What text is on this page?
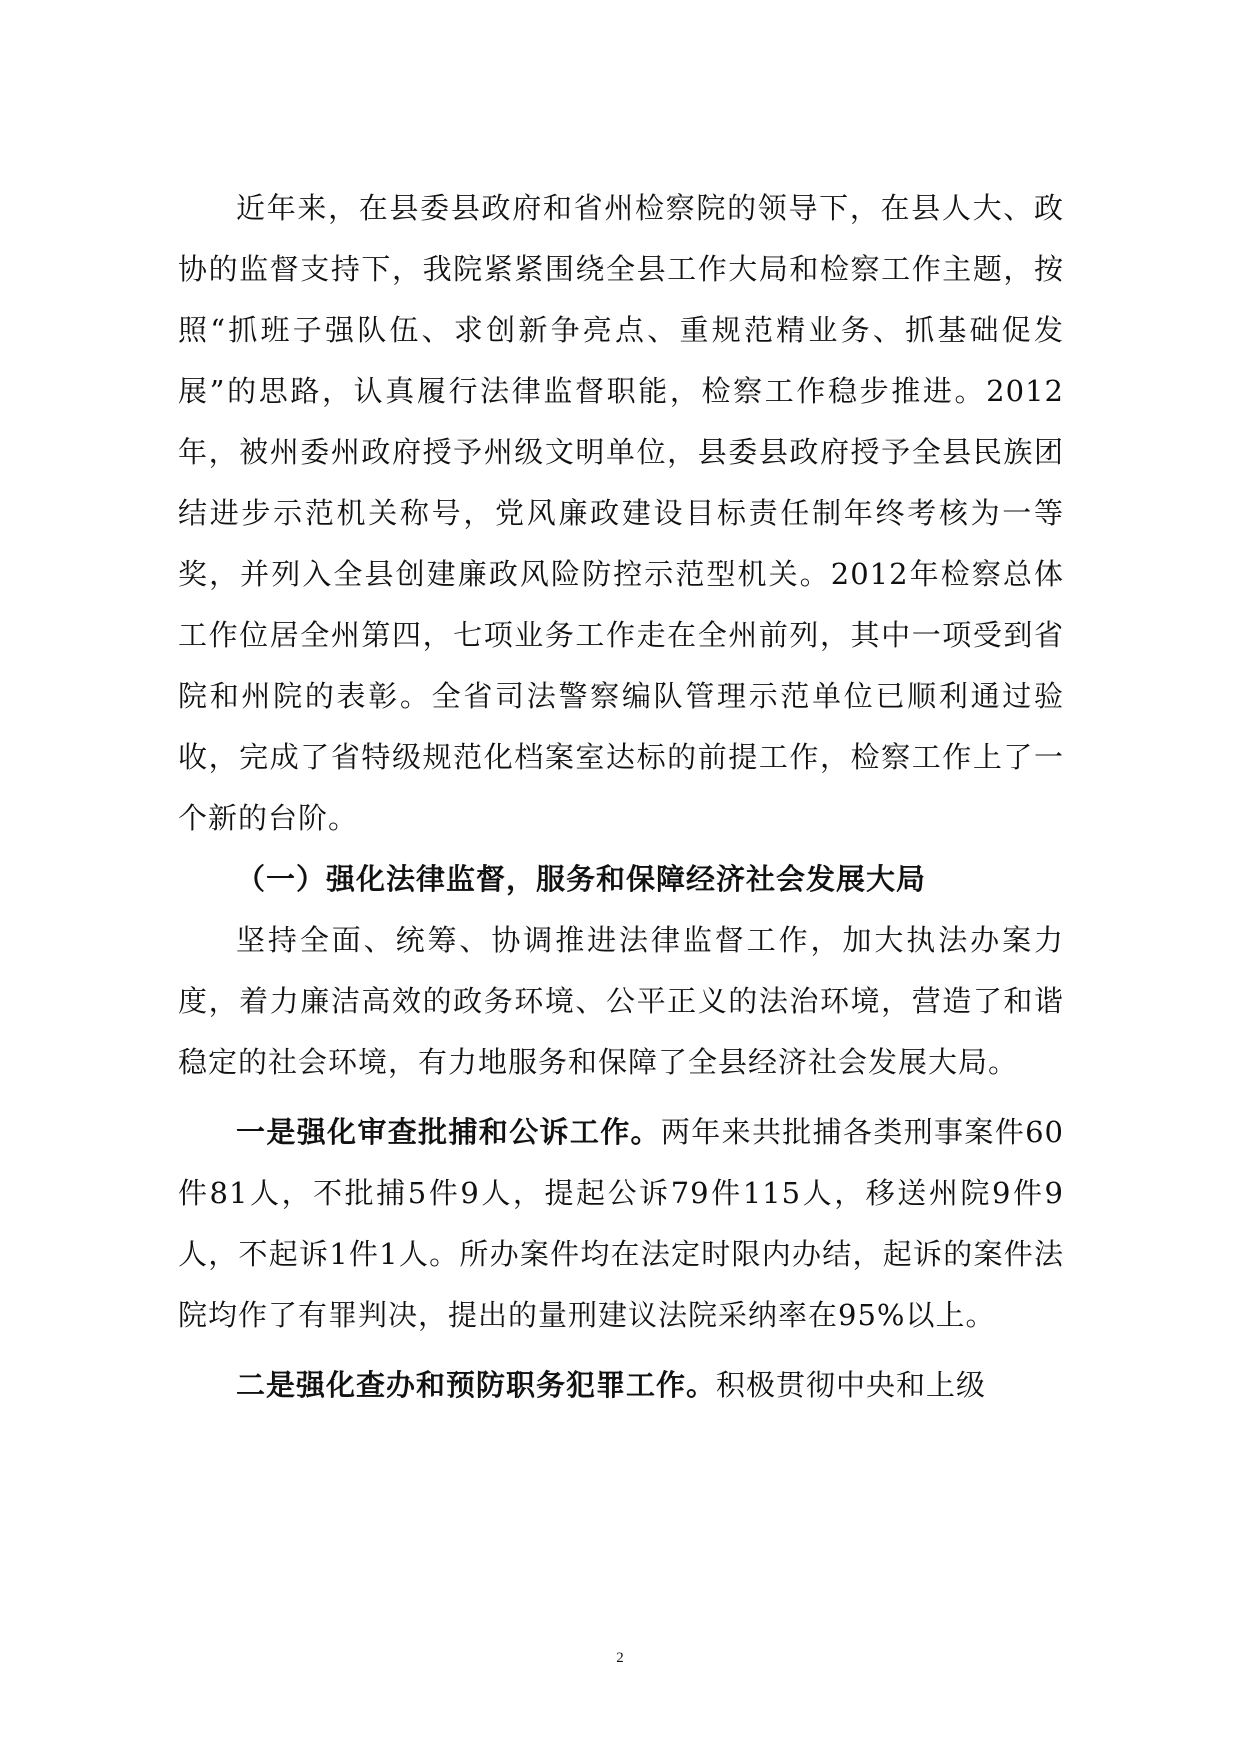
近年来，在县委县政府和省州检察院的领导下，在县人大、政协的监督支持下，我院紧紧围绕全县工作大局和检察工作主题，按照“抓班子强队伍、求创新争亮点、重规范精业务、抓基础促发展”的思路，认真履行法律监督职能，检察工作稳步推进。2012年，被州委州政府授予州级文明单位，县委县政府授予全县民族团结进步示范机关称号，党风廉政建设目标责任制年终考核为一等奖，并列入全县创建廉政风险防控示范型机关。2012年检察总体工作位居全州第四，七项业务工作走在全州前列，其中一项受到省院和州院的表彰。全省司法警察编队管理示范单位已顺利通过验收，完成了省特级规范化档案室达标的前提工作，检察工作上了一个新的台阶。

（一）强化法律监督，服务和保障经济社会发展大局

坚持全面、统筹、协调推进法律监督工作，加大执法办案力度，着力廉洁高效的政务环境、公平正义的法治环境，营造了和谐稳定的社会环境，有力地服务和保障了全县经济社会发展大局。

一是强化审查批捕和公诉工作。两年来共批捕各类刑事案件60件81人，不批捕5件9人，提起公诉79件115人，移送州院9件9人，不起诉1件1人。所办案件均在法定时限内办结，起诉的案件法院均作了有罪判决，提出的量刑建议法院采纳率在95%以上。

二是强化查办和预防职务犯罪工作。积极贯彻中央和上级

2
